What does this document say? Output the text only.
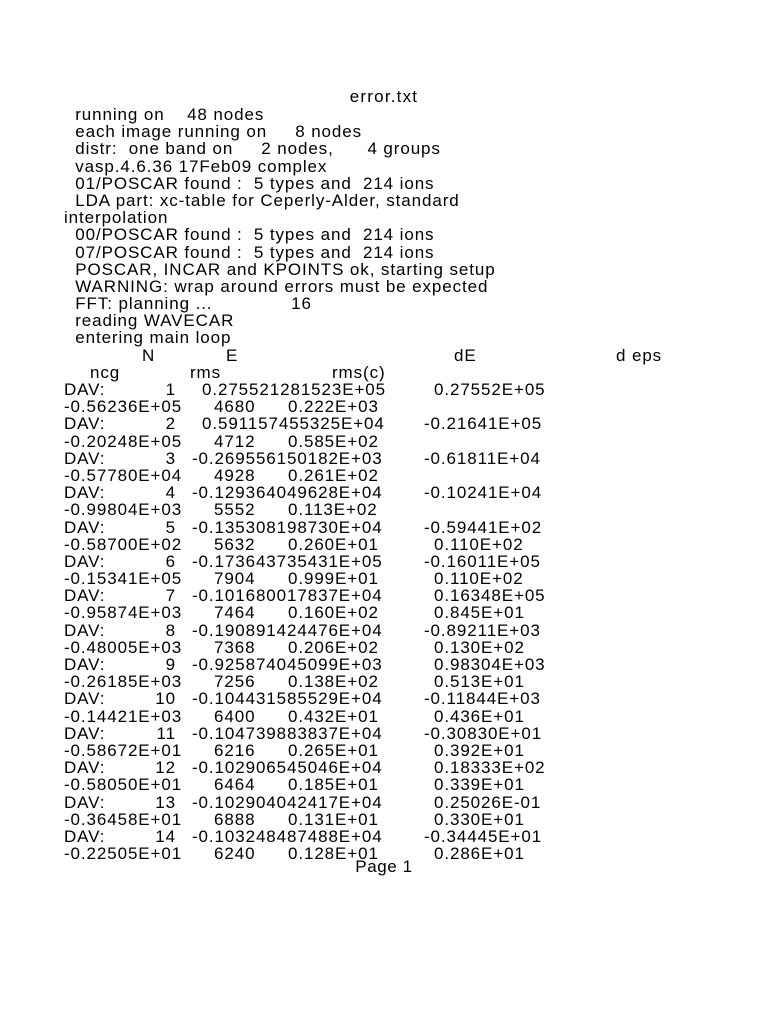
error.txt
running on    48 nodes
each image running on     8 nodes
distr:  one band on     2 nodes,      4 groups
vasp.4.6.36 17Feb09 complex
01/POSCAR found :  5 types and  214 ions
LDA part: xc-table for Ceperly-Alder, standard
interpolation
00/POSCAR found :  5 types and  214 ions
07/POSCAR found :  5 types and  214 ions
POSCAR, INCAR and KPOINTS ok, starting setup
WARNING: wrap around errors must be expected
FFT: planning ...              16
reading WAVECAR
entering main loop
N	E	dE	d eps
ncg	rms	rms(c)
DAV:	1 0.275521281523E+05	0.27552E+05
-0.56236E+05 4680 0.222E+03
DAV:	2 0.591157455325E+04 -0.21641E+05
-0.20248E+05 4712 0.585E+02
DAV:	3 -0.269556150182E+03 -0.61811E+04
-0.57780E+04 4928 0.261E+02
DAV:	4 -0.129364049628E+04 -0.10241E+04
-0.99804E+03 5552 0.113E+02
DAV:	5 -0.135308198730E+04 -0.59441E+02
-0.58700E+02 5632 0.260E+01	0.110E+02
DAV:	6 -0.173643735431E+05 -0.16011E+05
-0.15341E+05 7904 0.999E+01	0.110E+02
DAV:	7 -0.101680017837E+04	0.16348E+05
-0.95874E+03 7464 0.160E+02	0.845E+01
DAV:	8 -0.190891424476E+04 -0.89211E+03
-0.48005E+03 7368 0.206E+02	0.130E+02
DAV:	9 -0.925874045099E+03	0.98304E+03
-0.26185E+03 7256 0.138E+02	0.513E+01
DAV:	10 -0.104431585529E+04 -0.11844E+03
-0.14421E+03 6400 0.432E+01	0.436E+01
DAV:	11 -0.104739883837E+04 -0.30830E+01
-0.58672E+01 6216 0.265E+01	0.392E+01
DAV:	12 -0.102906545046E+04	0.18333E+02
-0.58050E+01 6464 0.185E+01	0.339E+01
DAV:	13 -0.102904042417E+04	0.25026E-01
-0.36458E+01 6888 0.131E+01	0.330E+01
DAV:	14 -0.103248487488E+04 -0.34445E+01
-0.22505E+01 6240 0.128E+01	0.286E+01
Page 1
